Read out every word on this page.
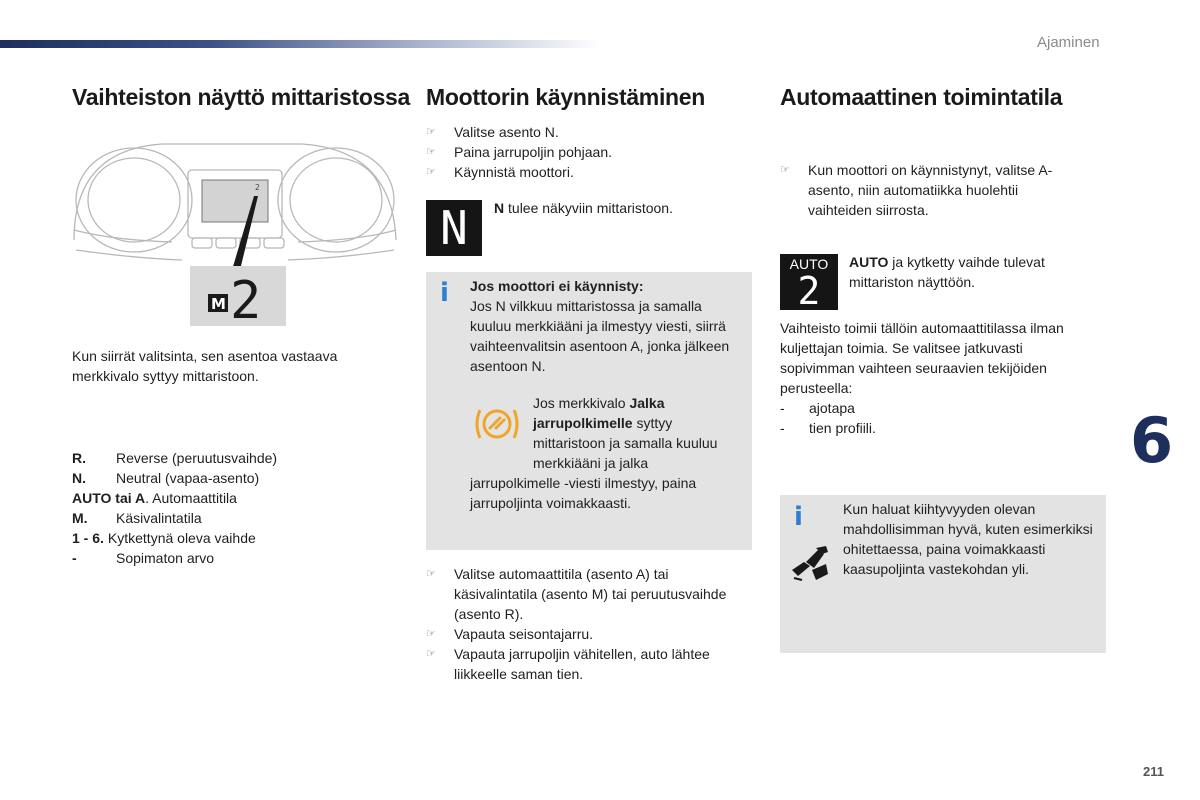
Ajaminen
6
211
Vaihteiston näyttö mittaristossa
2
M 2

Kun siirrät valitsinta, sen asentoa vastaava merkkivalo syttyy mittaristoon.

R. Reverse (peruutusvaihde)
N. Neutral (vapaa-asento)
AUTO tai A. Automaattitila
M. Käsivalintatila
1 - 6. Kytkettynä oleva vaihde
-	Sopimaton arvo
Moottorin käynnistäminen
☞ Valitse asento N.
☞ Paina jarrupoljin pohjaan.
☞ Käynnistä moottori.
N N tulee näkyviin mittaristoon.

i Jos moottori ei käynnisty:

Jos N vilkkuu mittaristossa ja samalla kuuluu merkkiääni ja ilmestyy viesti, siirrä vaihteenvalitsin asentoon A, jonka jälkeen asentoon N.

Jos merkkivalo Jalka jarrupolkimelle syttyy mittaristoon ja samalla kuuluu merkkiääni ja jalka

jarrupolkimelle -viesti ilmestyy, paina jarrupoljinta voimakkaasti.

☞ Valitse automaattitila (asento A) tai käsivalintatila (asento M) tai peruutusvaihde (asento R).
☞ Vapauta seisontajarru.
☞ Vapauta jarrupoljin vähitellen, auto lähtee liikkeelle saman tien.
Automaattinen toimintatila
☞ Kun moottori on käynnistynyt, valitse A-asento, niin automatiikka huolehtii vaihteiden siirrosta.
AUTO
2

AUTO ja kytketty vaihde tulevat mittariston näyttöön.

Vaihteisto toimii tällöin automaattitilassa ilman kuljettajan toimia. Se valitsee jatkuvasti sopivimman vaihteen seuraavien tekijöiden perusteella:

- ajotapa
- tien profiili.
i	Kun haluat kiihtyvyyden olevan mahdollisimman hyvä, kuten esimerkiksi ohitettaessa, paina voimakkaasti kaasupoljinta vastekohdan yli.
